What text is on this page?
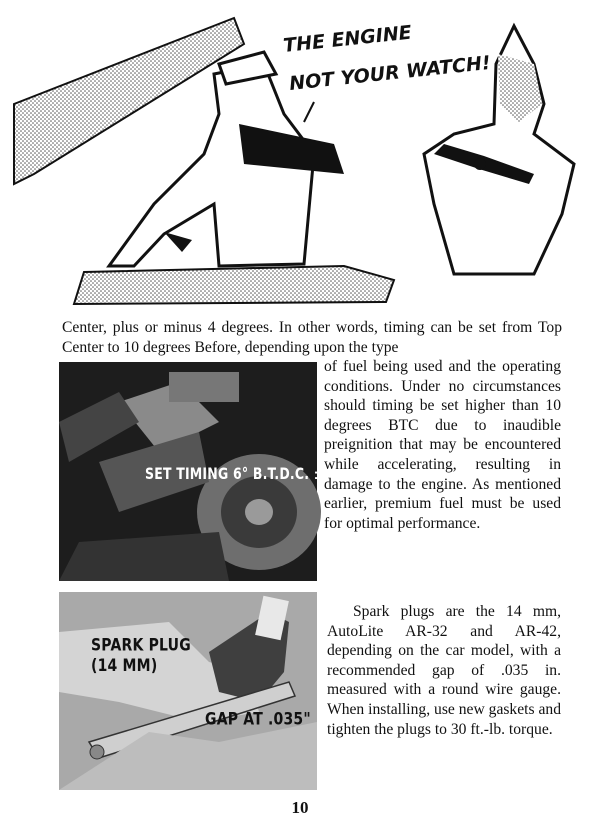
THE ENGINE
NOT YOUR WATCH!

Center, plus or minus 4 degrees. In other words, timing can be set from Top Center to 10 degrees Before, depending upon the type

SET TIMING 6° B.T.D.C. ± 4°

of fuel being used and the operating conditions. Under no circumstances should timing be set higher than 10 degrees BTC due to inaudible preignition that may be encountered while accelerating, resulting in damage to the engine. As mentioned earlier, premium fuel must be used for optimal performance.

SPARK PLUG
(14 MM)
GAP AT .035"

Spark plugs are the 14 mm, AutoLite AR-32 and AR-42, depending on the car model, with a recommended gap of .035 in. measured with a round wire gauge. When installing, use new gaskets and tighten the plugs to 30 ft.-lb. torque.

10
